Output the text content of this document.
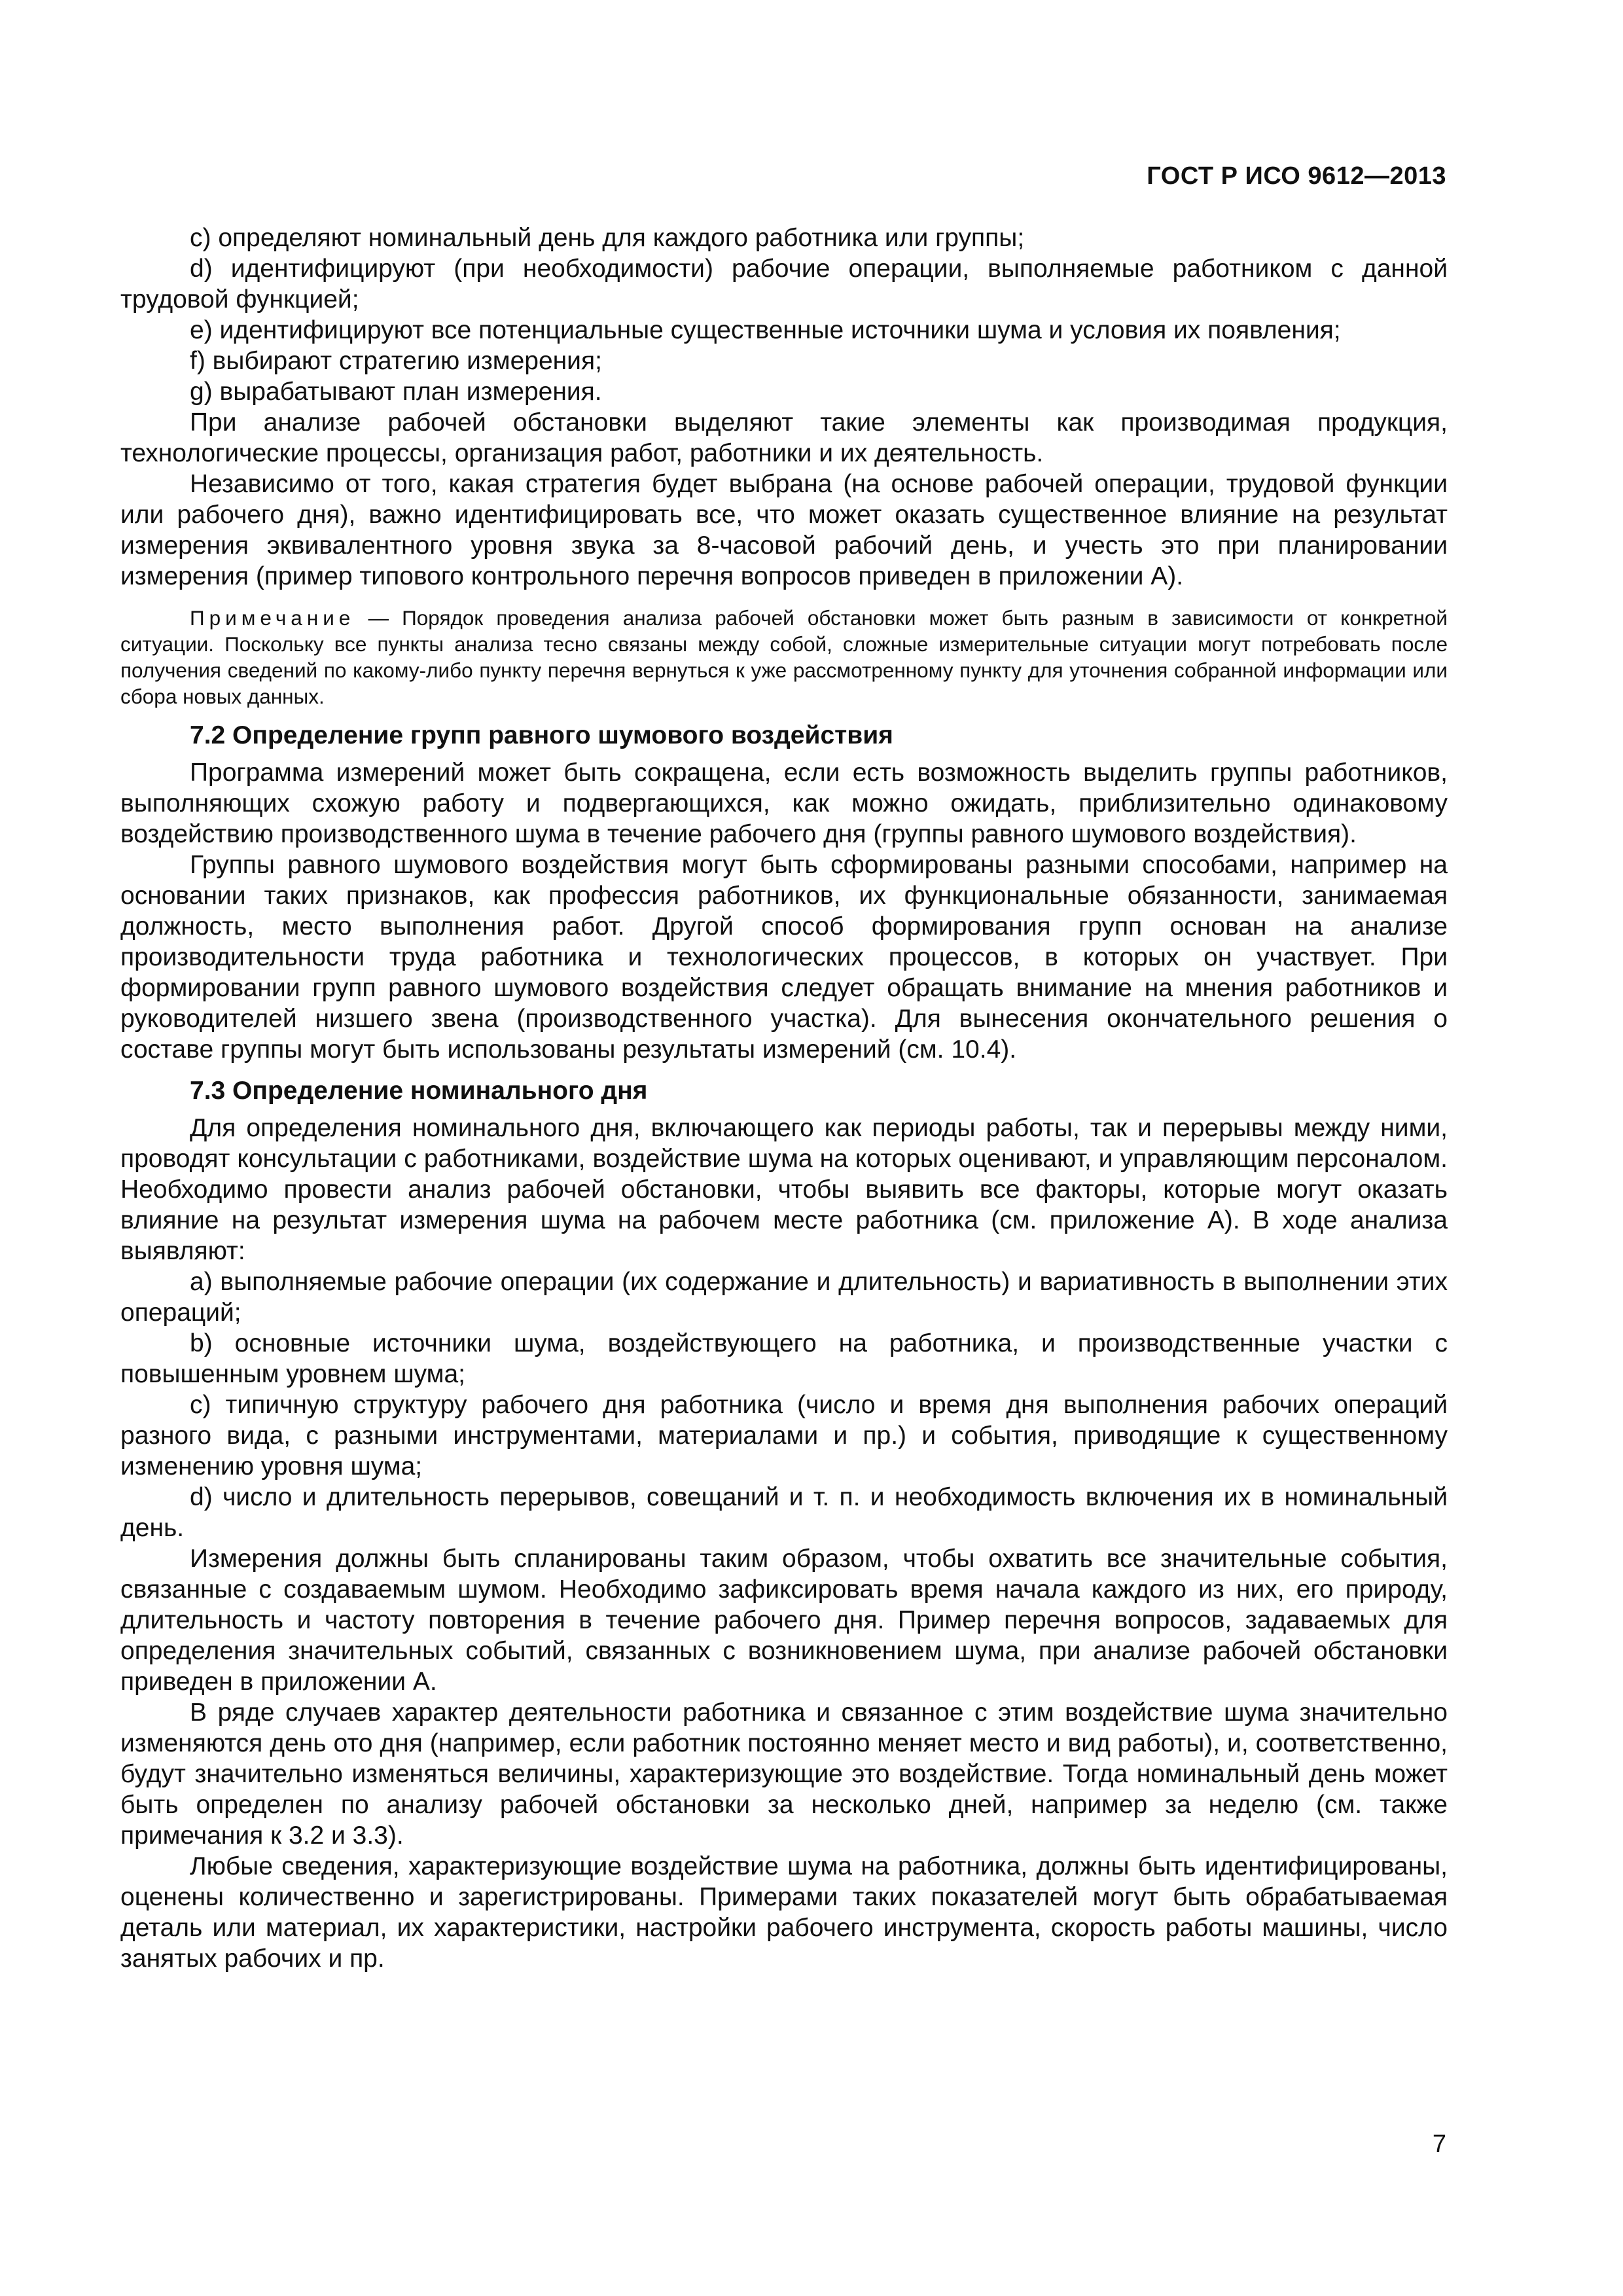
ГОСТ Р ИСО 9612—2013

c) определяют номинальный день для каждого работника или группы;

d) идентифицируют (при необходимости) рабочие операции, выполняемые работником с данной трудовой функцией;

e) идентифицируют все потенциальные существенные источники шума и условия их появления;

f) выбирают стратегию измерения;

g) вырабатывают план измерения.

При анализе рабочей обстановки выделяют такие элементы как производимая продукция, технологические процессы, организация работ, работники и их деятельность.

Независимо от того, какая стратегия будет выбрана (на основе рабочей операции, трудовой функции или рабочего дня), важно идентифицировать все, что может оказать существенное влияние на результат измерения эквивалентного уровня звука за 8-часовой рабочий день, и учесть это при планировании измерения (пример типового контрольного перечня вопросов приведен в приложении А).

Примечание — Порядок проведения анализа рабочей обстановки может быть разным в зависимости от конкретной ситуации. Поскольку все пункты анализа тесно связаны между собой, сложные измерительные ситуации могут потребовать после получения сведений по какому-либо пункту перечня вернуться к уже рассмотренному пункту для уточнения собранной информации или сбора новых данных.

7.2 Определение групп равного шумового воздействия

Программа измерений может быть сокращена, если есть возможность выделить группы работников, выполняющих схожую работу и подвергающихся, как можно ожидать, приблизительно одинаковому воздействию производственного шума в течение рабочего дня (группы равного шумового воздействия).

Группы равного шумового воздействия могут быть сформированы разными способами, например на основании таких признаков, как профессия работников, их функциональные обязанности, занимаемая должность, место выполнения работ. Другой способ формирования групп основан на анализе производительности труда работника и технологических процессов, в которых он участвует. При формировании групп равного шумового воздействия следует обращать внимание на мнения работников и руководителей низшего звена (производственного участка). Для вынесения окончательного решения о составе группы могут быть использованы результаты измерений (см. 10.4).

7.3 Определение номинального дня

Для определения номинального дня, включающего как периоды работы, так и перерывы между ними, проводят консультации с работниками, воздействие шума на которых оценивают, и управляющим персоналом. Необходимо провести анализ рабочей обстановки, чтобы выявить все факторы, которые могут оказать влияние на результат измерения шума на рабочем месте работника (см. приложение А). В ходе анализа выявляют:

a) выполняемые рабочие операции (их содержание и длительность) и вариативность в выполнении этих операций;

b) основные источники шума, воздействующего на работника, и производственные участки с повышенным уровнем шума;

c) типичную структуру рабочего дня работника (число и время дня выполнения рабочих операций разного вида, с разными инструментами, материалами и пр.) и события, приводящие к существенному изменению уровня шума;

d) число и длительность перерывов, совещаний и т. п. и необходимость включения их в номинальный день.

Измерения должны быть спланированы таким образом, чтобы охватить все значительные события, связанные с создаваемым шумом. Необходимо зафиксировать время начала каждого из них, его природу, длительность и частоту повторения в течение рабочего дня. Пример перечня вопросов, задаваемых для определения значительных событий, связанных с возникновением шума, при анализе рабочей обстановки приведен в приложении А.

В ряде случаев характер деятельности работника и связанное с этим воздействие шума значительно изменяются день ото дня (например, если работник постоянно меняет место и вид работы), и, соответственно, будут значительно изменяться величины, характеризующие это воздействие. Тогда номинальный день может быть определен по анализу рабочей обстановки за несколько дней, например за неделю (см. также примечания к 3.2 и 3.3).

Любые сведения, характеризующие воздействие шума на работника, должны быть идентифицированы, оценены количественно и зарегистрированы. Примерами таких показателей могут быть обрабатываемая деталь или материал, их характеристики, настройки рабочего инструмента, скорость работы машины, число занятых рабочих и пр.

7
